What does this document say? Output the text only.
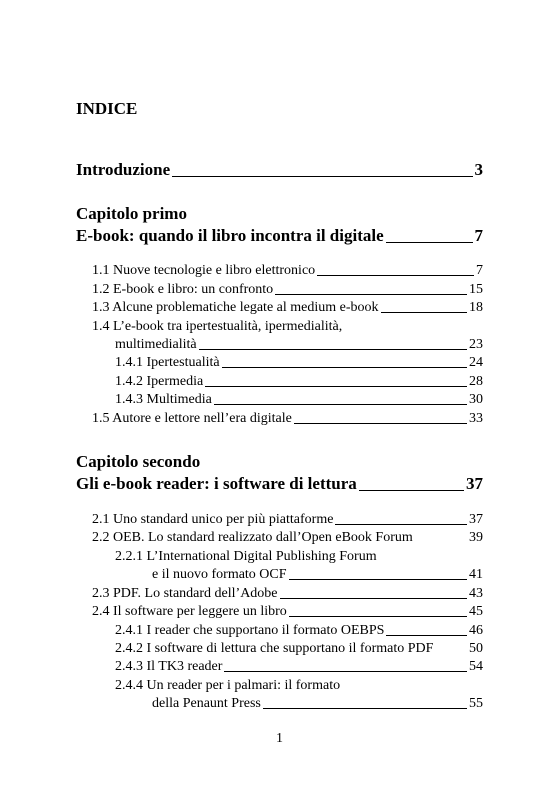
INDICE
Introduzione	3
Capitolo primo
E-book: quando il libro incontra il digitale	7
1.1 Nuove tecnologie e libro elettronico	7
1.2 E-book e libro: un confronto	15
1.3 Alcune problematiche legate al medium e-book	18
1.4 L’e-book tra ipertestualità, ipermedialità,
multimedialità	23
1.4.1 Ipertestualità	24
1.4.2 Ipermedia	28
1.4.3 Multimedia	30
1.5 Autore e lettore nell’era digitale	33
Capitolo secondo
Gli e-book reader: i software di lettura	37
2.1 Uno standard unico per più piattaforme	37
2.2 OEB. Lo standard realizzato dall’Open eBook Forum	39
2.2.1 L’International Digital Publishing Forum
e il nuovo formato OCF	41
2.3 PDF. Lo standard dell’Adobe	43
2.4 Il software per leggere un libro	45
2.4.1 I reader che supportano il formato OEBPS	46
2.4.2 I software di lettura che supportano il formato PDF	50
2.4.3 Il TK3 reader	54
2.4.4 Un reader per i palmari: il formato
della Penaunt Press	55
1
